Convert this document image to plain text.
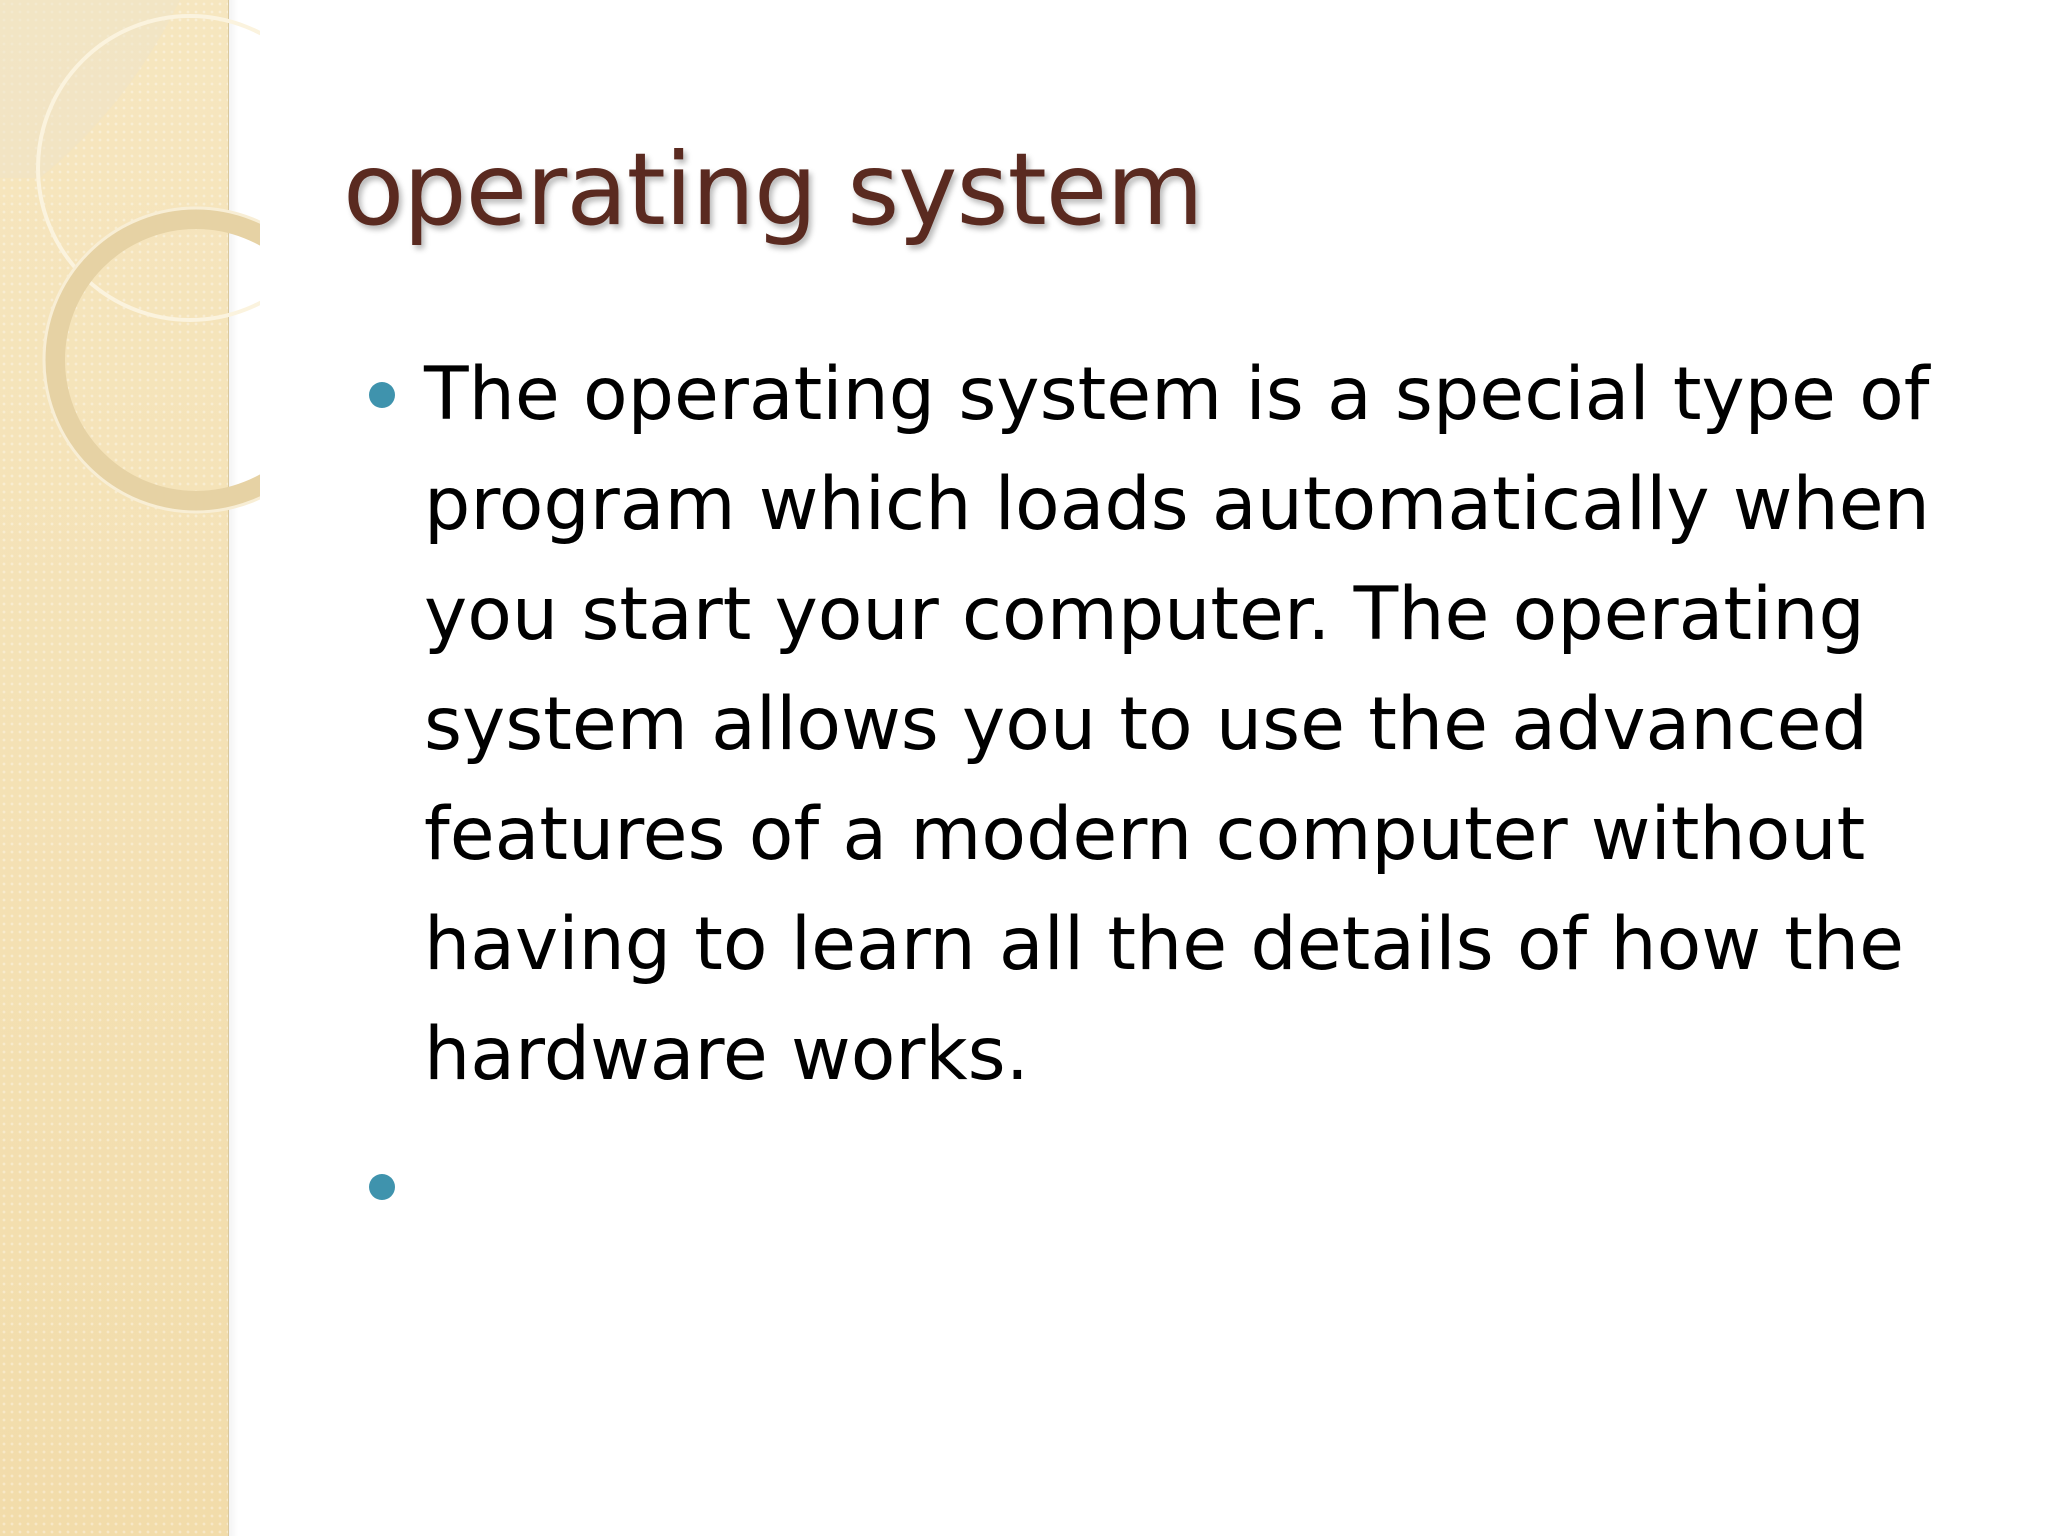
operating system
The operating system is a special type of program which loads automatically when you start your computer. The operating system allows you to use the advanced features of a modern computer without having to learn all the details of how the hardware works.
